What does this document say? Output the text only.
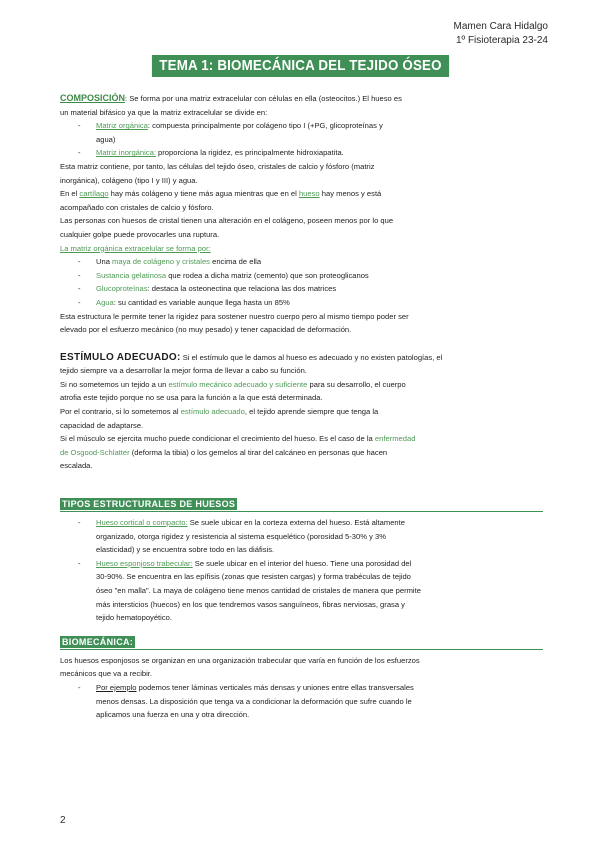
Mamen Cara Hidalgo
1º Fisioterapia 23-24
TEMA 1: BIOMECÁNICA DEL TEJIDO ÓSEO

COMPOSICIÓN: Se forma por una matriz extracelular con células en ella (osteocitos.) El hueso es
un material bifásico ya que la matriz extracelular se divide en:

- Matriz orgánica: compuesta principalmente por colágeno tipo I (+PG, glicoproteínas y
agua)
- Matriz inorgánica: proporciona la rigidez, es principalmente hidroxiapatita.

Esta matriz contiene, por tanto, las células del tejido óseo, cristales de calcio y fósforo (matriz
inorgánica), colágeno (tipo I y III) y agua.

En el cartílago hay más colágeno y tiene más agua mientras que en el hueso hay menos y está
acompañado con cristales de calcio y fósforo.

Las personas con huesos de cristal tienen una alteración en el colágeno, poseen menos por lo que
cualquier golpe puede provocarles una ruptura.

La matriz orgánica extracelular se forma por:

- Una maya de colágeno y cristales encima de ella
- Sustancia gelatinosa que rodea a dicha matriz (cemento) que son proteoglicanos
- Glucoproteínas: destaca la osteonectina que relaciona las dos matrices
- Agua: su cantidad es variable aunque llega hasta un 85%

Esta estructura le permite tener la rigidez para sostener nuestro cuerpo pero al mismo tiempo poder ser
elevado por el esfuerzo mecánico (no muy pesado) y tener capacidad de deformación.

ESTÍMULO ADECUADO: Si el estímulo que le damos al hueso es adecuado y no existen patologías, el
tejido siempre va a desarrollar la mejor forma de llevar a cabo su función.
Si no sometemos un tejido a un estímulo mecánico adecuado y suficiente para su desarrollo, el cuerpo
atrofia este tejido porque no se usa para la función a la que está determinada.
Por el contrario, si lo sometemos al estímulo adecuado, el tejido aprende siempre que tenga la
capacidad de adaptarse.
Si el músculo se ejercita mucho puede condicionar el crecimiento del hueso. Es el caso de la enfermedad
de Osgood-Schlatter (deforma la tibia) o los gemelos al tirar del calcáneo en personas que hacen
escalada.

TIPOS ESTRUCTURALES DE HUESOS
- Hueso cortical o compacto: Se suele ubicar en la corteza externa del hueso. Está altamente
organizado, otorga rigidez y resistencia al sistema esquelético (porosidad 5-30% y 3%
elasticidad) y se encuentra sobre todo en las diáfisis.
- Hueso esponjoso trabecular: Se suele ubicar en el interior del hueso. Tiene una porosidad del
30-90%. Se encuentra en las epífisis (zonas que resisten cargas) y forma trabéculas de tejido
óseo "en malla". La maya de colágeno tiene menos cantidad de cristales de manera que permite
más intersticios (huecos) en los que tendremos vasos sanguíneos, fibras nerviosas, grasa y
tejido hematopoyético.
BIOMECÁNICA:

Los huesos esponjosos se organizan en una organización trabecular que varía en función de los esfuerzos
mecánicos que va a recibir.

- Por ejemplo podemos tener láminas verticales más densas y uniones entre ellas transversales
menos densas. La disposición que tenga va a condicionar la deformación que sufre cuando le
aplicamos una fuerza en una y otra dirección.
2
